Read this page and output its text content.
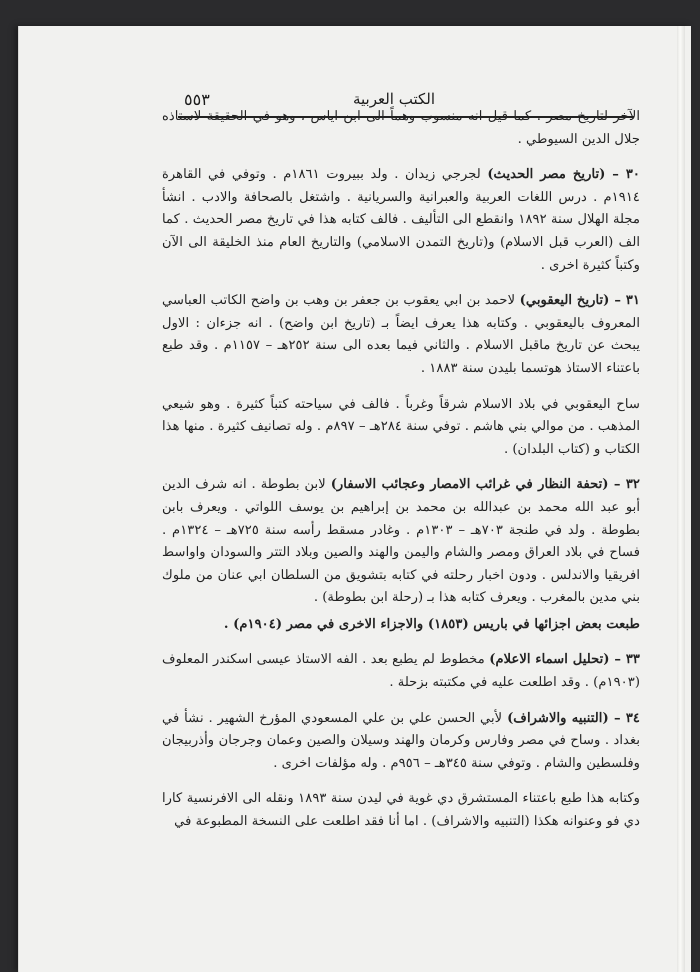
٥٥٣	الكتب العربية

الآخر لتاريخ مصر . كما قيل انه منسوب وهماً الى ابن اياس ، وهو في الحقيقة لاستاذه جلال الدين السيوطي .

٣٠ – (تاريخ مصر الحديث) لجرجي زيدان . ولد ببيروت ١٨٦١م . وتوفي في القاهرة ١٩١٤م . درس اللغات العربية والعبرانية والسريانية . واشتغل بالصحافة والادب . انشأ مجلة الهلال سنة ١٨٩٢ وانقطع الى التأليف . فالف كتابه هذا في تاريخ مصر الحديث . كما الف (العرب قبل الاسلام) و(تاريخ التمدن الاسلامي) والتاريخ العام منذ الخليقة الى الآن وكتباً كثيرة اخرى .

٣١ – (تاريخ اليعقوبي) لاحمد بن ابي يعقوب بن جعفر بن وهب بن واضح الكاتب العباسي المعروف باليعقوبي . وكتابه هذا يعرف ايضاً بـ (تاريخ ابن واضح) . انه جزءان : الاول يبحث عن تاريخ ماقبل الاسلام . والثاني فيما بعده الى سنة ٢٥٢هـ – ١١٥٧م . وقد طبع باعتناء الاستاذ هوتسما بليدن سنة ١٨٨٣ .

ساح اليعقوبي في بلاد الاسلام شرقاً وغرباً . فالف في سياحته كتباً كثيرة . وهو شيعي المذهب . من موالي بني هاشم . توفي سنة ٢٨٤هـ – ٨٩٧م . وله تصانيف كثيرة . منها هذا الكتاب و (كتاب البلدان) .

٣٢ – (تحفة النظار في غرائب الامصار وعجائب الاسفار) لابن بطوطة . انه شرف الدين أبو عبد الله محمد بن عبدالله بن محمد بن إبراهيم بن يوسف اللواتي . ويعرف بابن بطوطة . ولد في طنجة ٧٠٣هـ – ١٣٠٣م . وغادر مسقط رأسه سنة ٧٢٥هـ – ١٣٢٤م . فساح في بلاد العراق ومصر والشام واليمن والهند والصين وبلاد التتر والسودان واواسط افريقيا والاندلس . ودون اخبار رحلته في كتابه بتشويق من السلطان ابي عنان من ملوك بني مدين بالمغرب . ويعرف كتابه هذا بـ (رحلة ابن بطوطة) .

طبعت بعض اجزائها في باريس (١٨٥٣) والاجزاء الاخرى في مصر (١٩٠٤م) .

٣٣ – (تحليل اسماء الاعلام) مخطوط لم يطبع بعد . الفه الاستاذ عيسى اسكندر المعلوف (١٩٠٣م) . وقد اطلعت عليه في مكتبته بزحلة .

٣٤ – (التنبيه والاشراف) لأبي الحسن علي بن علي المسعودي المؤرخ الشهير . نشأ في بغداد . وساح في مصر وفارس وكرمان والهند وسيلان والصين وعمان وجرجان وأذربيجان وفلسطين والشام . وتوفي سنة ٣٤٥هـ – ٩٥٦م . وله مؤلفات اخرى .

وكتابه هذا طبع باعتناء المستشرق دي غوية في ليدن سنة ١٨٩٣ ونقله الى الافرنسية كارا دي فو وعنوانه هكذا (التنبيه والاشراف) . اما أنا فقد اطلعت على النسخة المطبوعة في
